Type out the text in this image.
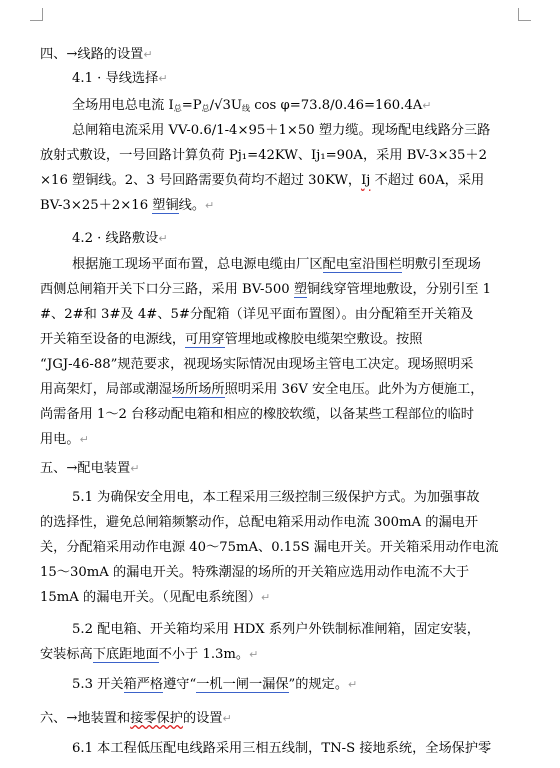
四、→线路的设置↵
4.1 · 导线选择↵
全场用电总电流 $I_总=P_总/√3U_线$ cos φ=73.8/0.46=160.4A↵
总闸箱电流采用 VV-0.6/1-4×95＋1×50 塑力缆。现场配电线路分三路
放射式敷设，一号回路计算负荷 Pj₁=42KW、Ij₁=90A，采用 BV-3×35＋2
×16 塑铜线。2、3 号回路需要负荷均不超过 30KW，Ij 不超过 60A，采用
BV-3×25＋2×16 塑铜线。↵
4.2 · 线路敷设↵
根据施工现场平面布置，总电源电缆由厂区配电室沿围栏明敷引至现场
西侧总闸箱开关下口分三路，采用 BV-500 塑铜线穿管埋地敷设，分别引至 1
#、2#和 3#及 4#、5#分配箱（详见平面布置图）。由分配箱至开关箱及
开关箱至设备的电源线，可用穿管埋地或橡胶电缆架空敷设。按照
“JGJ-46-88”规范要求，视现场实际情况由现场主管电工决定。现场照明采
用高架灯，局部或潮湿场所场所照明采用 36V 安全电压。此外为方便施工，
尚需备用 1～2 台移动配电箱和相应的橡胶软缆，以备某些工程部位的临时
用电。↵
五、→配电装置↵
5.1 为确保安全用电，本工程采用三级控制三级保护方式。为加强事故
的选择性，避免总闸箱频繁动作，总配电箱采用动作电流 300mA 的漏电开
关，分配箱采用动作电源 40～75mA、0.15S 漏电开关。开关箱采用动作电流
15～30mA 的漏电开关。特殊潮湿的场所的开关箱应选用动作电流不大于
15mA 的漏电开关。（见配电系统图）↵
5.2 配电箱、开关箱均采用 HDX 系列户外铁制标准闸箱，固定安装，
安装标高下底距地面不小于 1.3m。↵
5.3 开关箱严格遵守“一机一闸一漏保”的规定。↵
六、→地装置和接零保护的设置↵
6.1 本工程低压配电线路采用三相五线制，TN-S 接地系统，全场保护零
